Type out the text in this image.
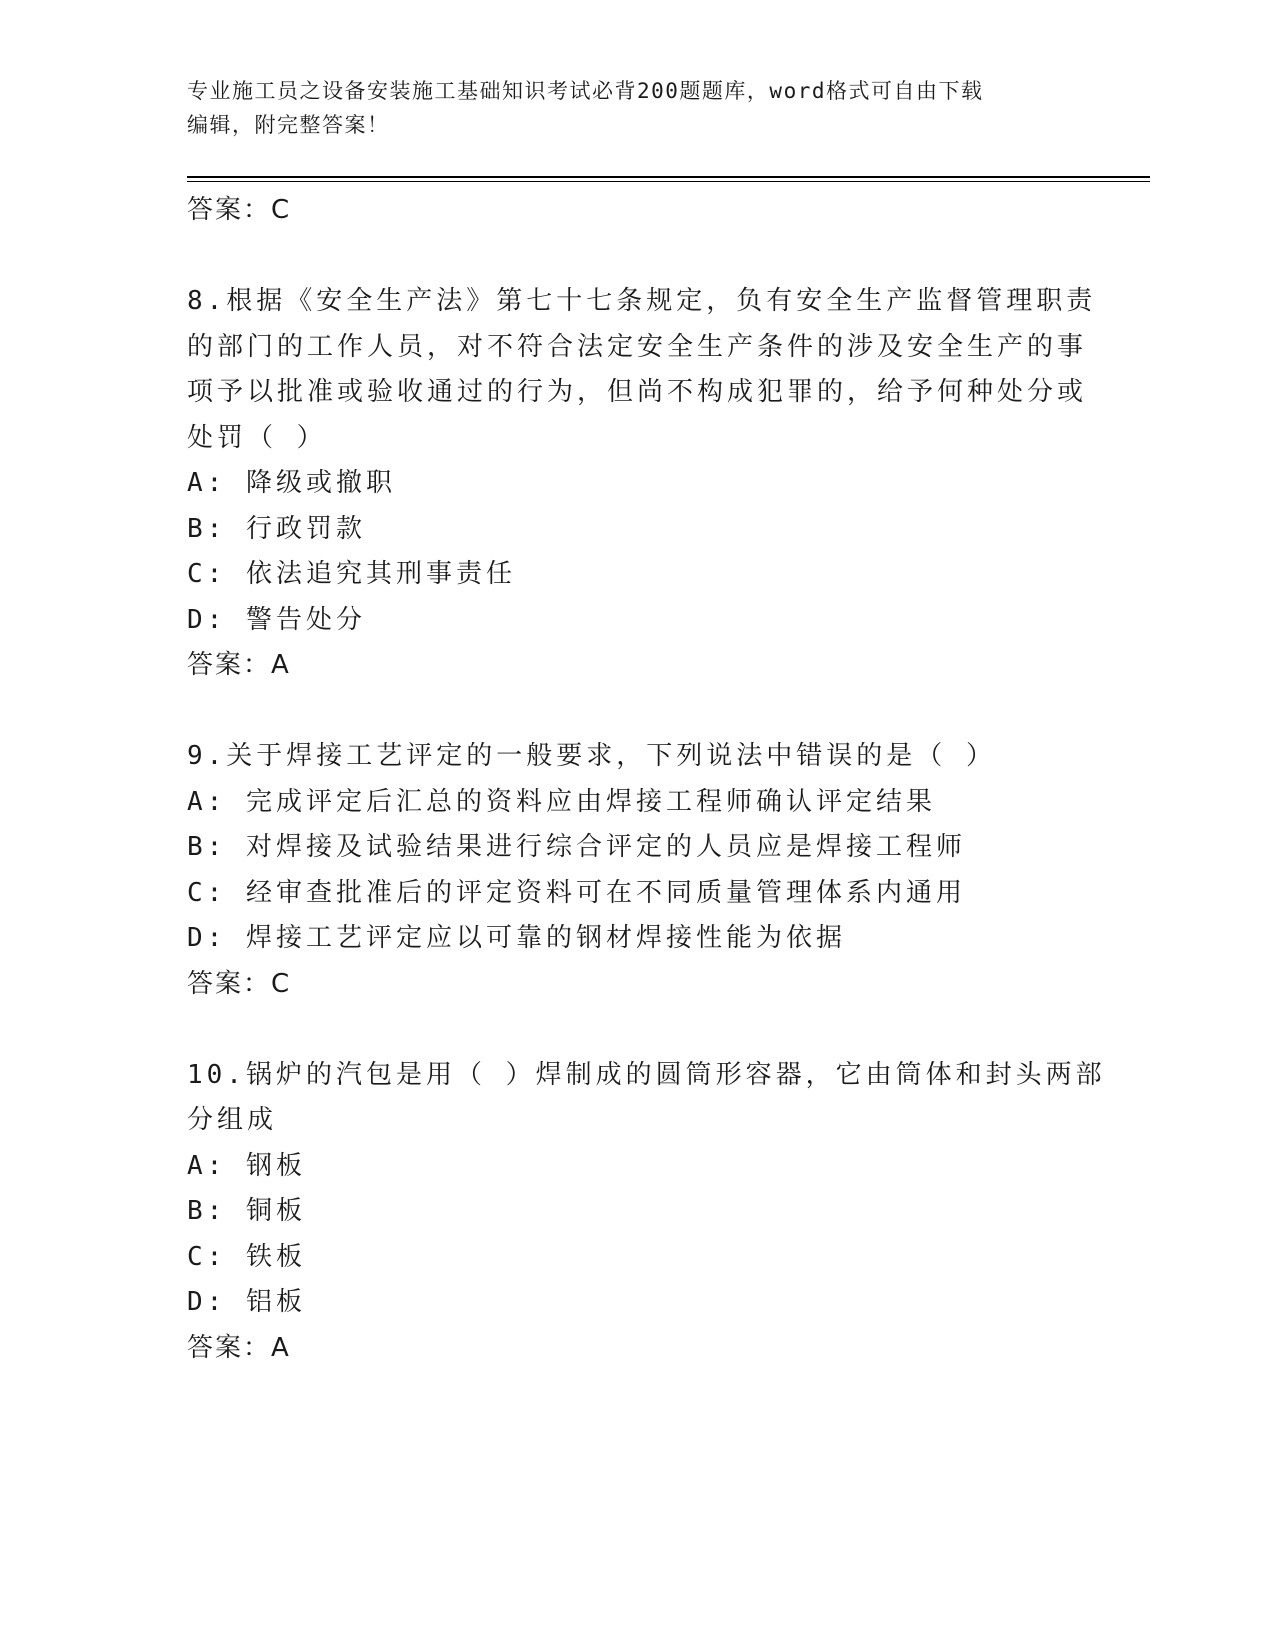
专业施工员之设备安装施工基础知识考试必背200题题库，word格式可自由下载
编辑，附完整答案！
答案：C
8.根据《安全生产法》第七十七条规定，负有安全生产监督管理职责
的部门的工作人员，对不符合法定安全生产条件的涉及安全生产的事
项予以批准或验收通过的行为，但尚不构成犯罪的，给予何种处分或
处罚（ ）
A: 降级或撤职
B: 行政罚款
C: 依法追究其刑事责任
D: 警告处分
答案：A
9.关于焊接工艺评定的一般要求，下列说法中错误的是（ ）
A: 完成评定后汇总的资料应由焊接工程师确认评定结果
B: 对焊接及试验结果进行综合评定的人员应是焊接工程师
C: 经审查批准后的评定资料可在不同质量管理体系内通用
D: 焊接工艺评定应以可靠的钢材焊接性能为依据
答案：C
10.锅炉的汽包是用（ ）焊制成的圆筒形容器，它由筒体和封头两部
分组成
A: 钢板
B: 铜板
C: 铁板
D: 铝板
答案：A
